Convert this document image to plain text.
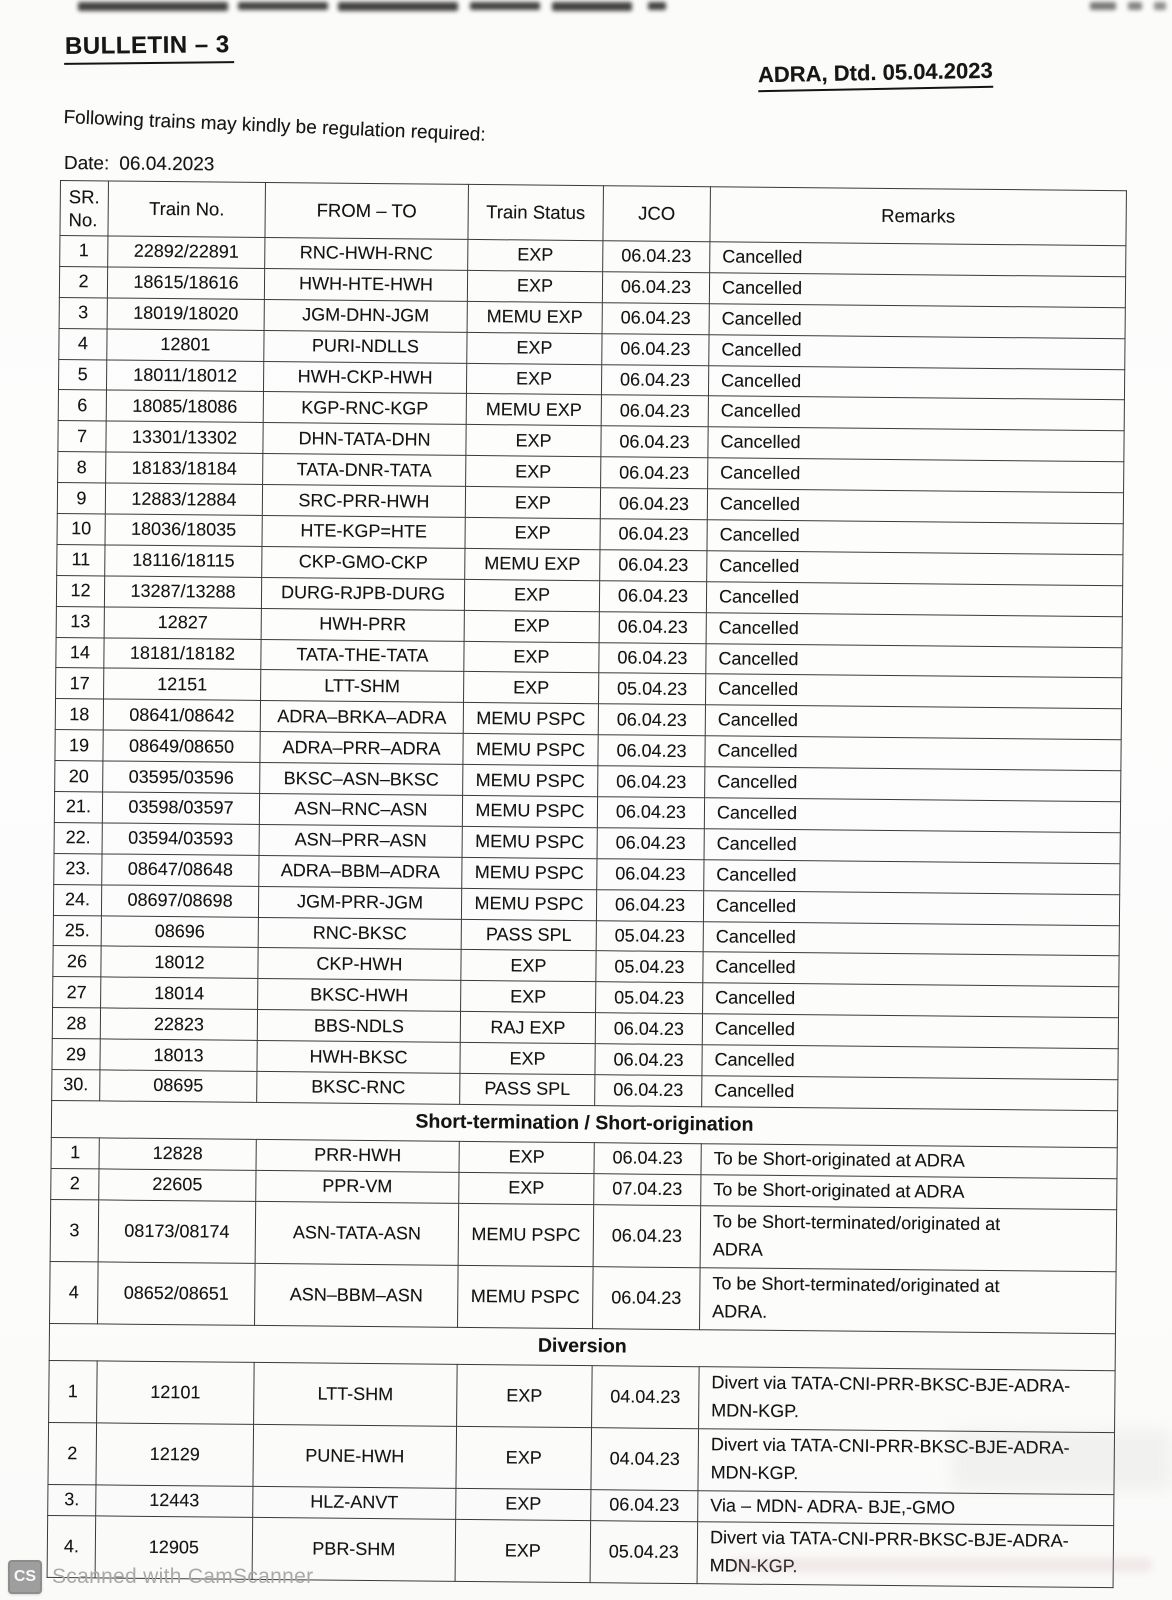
BULLETIN – 3
ADRA, Dtd. 05.04.2023

Following trains may kindly be regulation required:

Date: 06.04.2023

SR.
No.	Train No.	FROM – TO	Train Status	JCO	Remarks
1	22892/22891	RNC-HWH-RNC	EXP	06.04.23	Cancelled
2	18615/18616	HWH-HTE-HWH	EXP	06.04.23	Cancelled
3	18019/18020	JGM-DHN-JGM	MEMU EXP	06.04.23	Cancelled
4	12801	PURI-NDLLS	EXP	06.04.23	Cancelled
5	18011/18012	HWH-CKP-HWH	EXP	06.04.23	Cancelled
6	18085/18086	KGP-RNC-KGP	MEMU EXP	06.04.23	Cancelled
7	13301/13302	DHN-TATA-DHN	EXP	06.04.23	Cancelled
8	18183/18184	TATA-DNR-TATA	EXP	06.04.23	Cancelled
9	12883/12884	SRC-PRR-HWH	EXP	06.04.23	Cancelled
10	18036/18035	HTE-KGP=HTE	EXP	06.04.23	Cancelled
11	18116/18115	CKP-GMO-CKP	MEMU EXP	06.04.23	Cancelled
12	13287/13288	DURG-RJPB-DURG	EXP	06.04.23	Cancelled
13	12827	HWH-PRR	EXP	06.04.23	Cancelled
14	18181/18182	TATA-THE-TATA	EXP	06.04.23	Cancelled
17	12151	LTT-SHM	EXP	05.04.23	Cancelled
18	08641/08642	ADRA–BRKA–ADRA	MEMU PSPC	06.04.23	Cancelled
19	08649/08650	ADRA–PRR–ADRA	MEMU PSPC	06.04.23	Cancelled
20	03595/03596	BKSC–ASN–BKSC	MEMU PSPC	06.04.23	Cancelled
21.	03598/03597	ASN–RNC–ASN	MEMU PSPC	06.04.23	Cancelled
22.	03594/03593	ASN–PRR–ASN	MEMU PSPC	06.04.23	Cancelled
23.	08647/08648	ADRA–BBM–ADRA	MEMU PSPC	06.04.23	Cancelled
24.	08697/08698	JGM-PRR-JGM	MEMU PSPC	06.04.23	Cancelled
25.	08696	RNC-BKSC	PASS SPL	05.04.23	Cancelled
26	18012	CKP-HWH	EXP	05.04.23	Cancelled
27	18014	BKSC-HWH	EXP	05.04.23	Cancelled
28	22823	BBS-NDLS	RAJ EXP	06.04.23	Cancelled
29	18013	HWH-BKSC	EXP	06.04.23	Cancelled
30.	08695	BKSC-RNC	PASS SPL	06.04.23	Cancelled
Short-termination / Short-origination					
1	12828	PRR-HWH	EXP	06.04.23	To be Short-originated at ADRA
2	22605	PPR-VM	EXP	07.04.23	To be Short-originated at ADRA
3	08173/08174	ASN-TATA-ASN	MEMU PSPC	06.04.23	To be Short-terminated/originated at
ADRA
4	08652/08651	ASN–BBM–ASN	MEMU PSPC	06.04.23	To be Short-terminated/originated at
ADRA.
Diversion					
1	12101	LTT-SHM	EXP	04.04.23	Divert via TATA-CNI-PRR-BKSC-BJE-ADRA-
MDN-KGP.
2	12129	PUNE-HWH	EXP	04.04.23	Divert via TATA-CNI-PRR-BKSC-BJE-ADRA-
MDN-KGP.
3.	12443	HLZ-ANVT	EXP	06.04.23	Via – MDN- ADRA- BJE,-GMO
4.	12905	PBR-SHM	EXP	05.04.23	Divert via TATA-CNI-PRR-BKSC-BJE-ADRA-
MDN-KGP.
CS Scanned with CamScanner
